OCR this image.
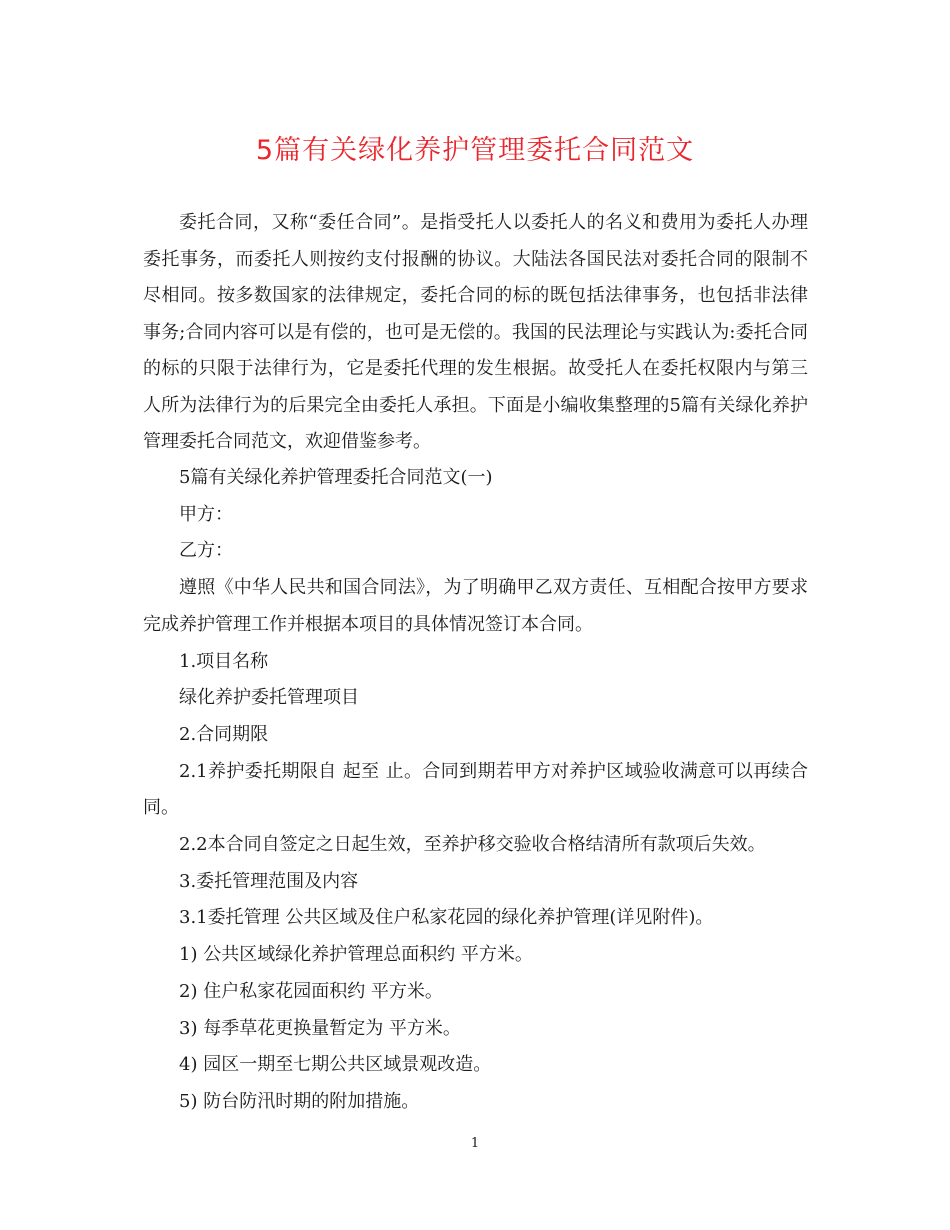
5篇有关绿化养护管理委托合同范文

委托合同，又称“委任合同”。是指受托人以委托人的名义和费用为委托人办理委托事务，而委托人则按约支付报酬的协议。大陆法各国民法对委托合同的限制不尽相同。按多数国家的法律规定，委托合同的标的既包括法律事务，也包括非法律事务;合同内容可以是有偿的，也可是无偿的。我国的民法理论与实践认为:委托合同的标的只限于法律行为，它是委托代理的发生根据。故受托人在委托权限内与第三人所为法律行为的后果完全由委托人承担。下面是小编收集整理的5篇有关绿化养护管理委托合同范文，欢迎借鉴参考。

5篇有关绿化养护管理委托合同范文(一)

甲方：

乙方：

遵照《中华人民共和国合同法》，为了明确甲乙双方责任、互相配合按甲方要求完成养护管理工作并根据本项目的具体情况签订本合同。

1.项目名称

绿化养护委托管理项目

2.合同期限

2.1养护委托期限自 起至 止。合同到期若甲方对养护区域验收满意可以再续合同。

2.2本合同自签定之日起生效，至养护移交验收合格结清所有款项后失效。

3.委托管理范围及内容

3.1委托管理 公共区域及住户私家花园的绿化养护管理(详见附件)。

1) 公共区域绿化养护管理总面积约 平方米。

2) 住户私家花园面积约 平方米。

3) 每季草花更换量暂定为 平方米。

4) 园区一期至七期公共区域景观改造。

5) 防台防汛时期的附加措施。

1
